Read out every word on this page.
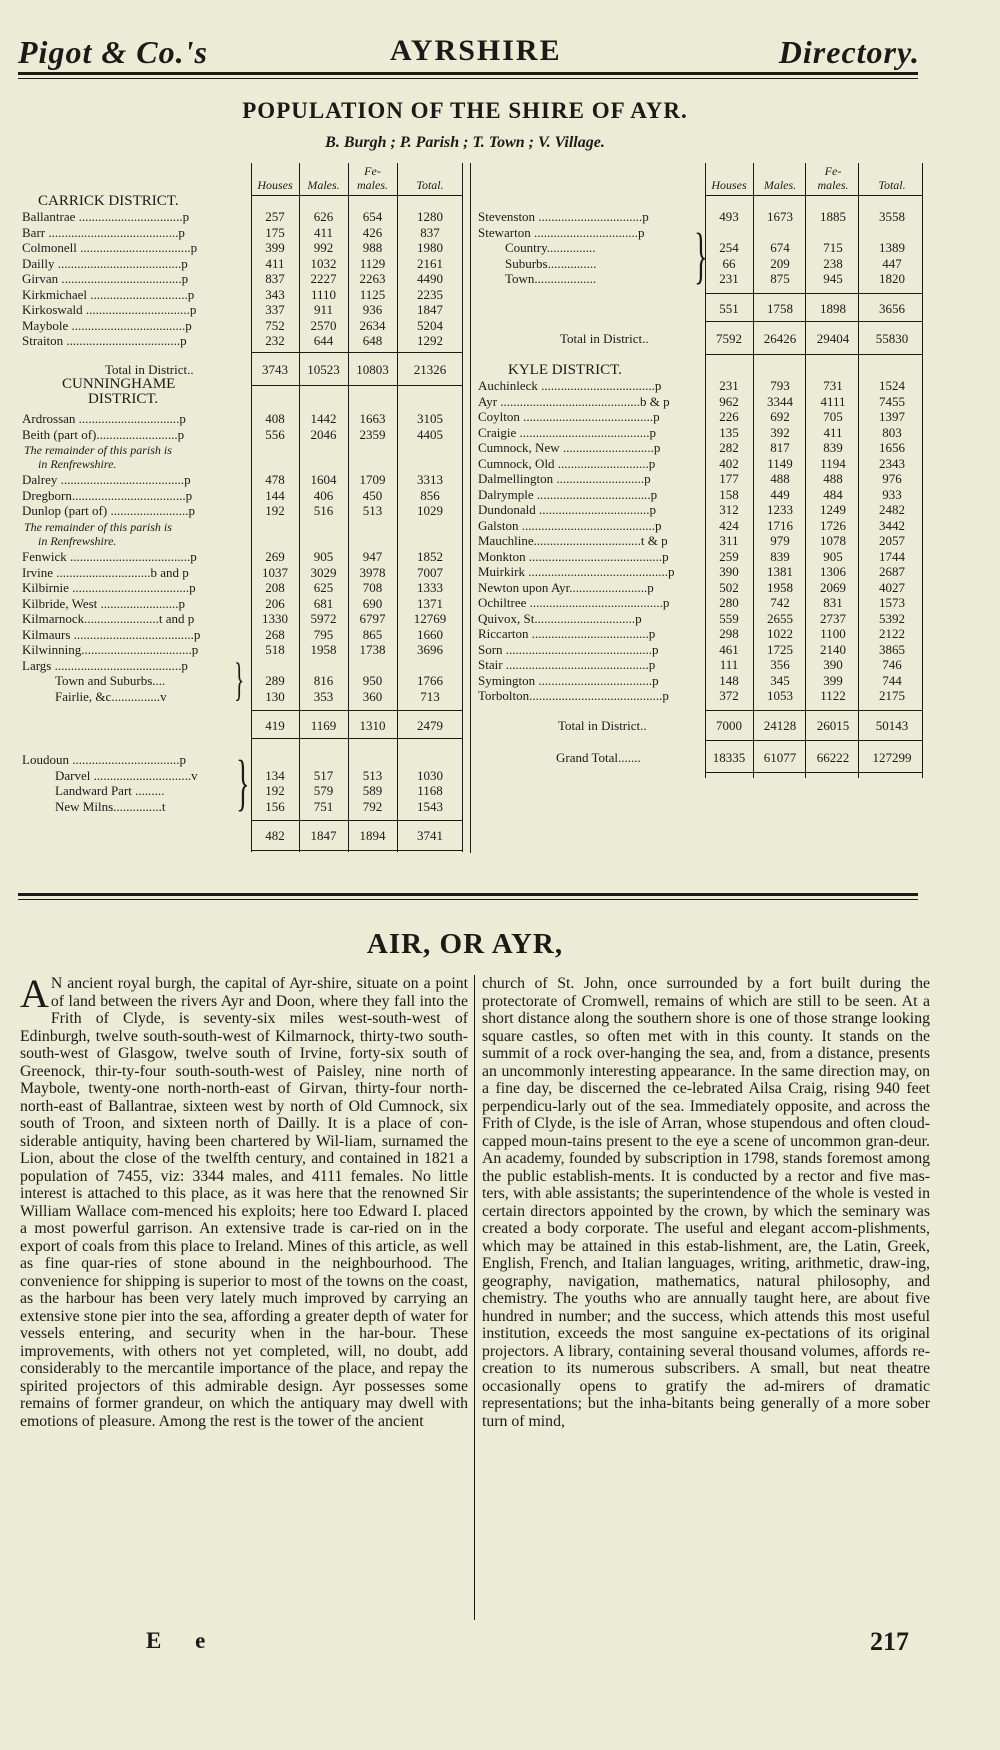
Pigot & Co.'s	AYRSHIRE	Directory.
POPULATION OF THE SHIRE OF AYR.
B. Burgh ; P. Parish ; T. Town ; V. Village.
Houses	Males.
Fe-
males.	Total.
CARRICK DISTRICT.
Ballantrae ................................p	257	626	654	1280
Barr ........................................p	175	411	426	837
Colmonell ..................................p	399	992	988	1980
Dailly ......................................p	411	1032	1129	2161
Girvan .....................................p	837	2227	2263	4490
Kirkmichael ..............................p	343	1110	1125	2235
Kirkoswald ................................p	337	911	936	1847
Maybole ...................................p	752	2570	2634	5204
Straiton ...................................p	232	644	648	1292
Total in District..	3743	10523	10803	21326
CUNNINGHAME
DISTRICT.
Ardrossan ...............................p	408	1442	1663	3105
Beith (part of).........................p	556	2046	2359	4405
The remainder of this parish is
in Renfrewshire.
Dalrey ......................................p	478	1604	1709	3313
Dregborn...................................p	144	406	450	856
Dunlop (part of) ........................p	192	516	513	1029
The remainder of this parish is
in Renfrewshire.
Fenwick .....................................p	269	905	947	1852
Irvine .............................b and p	1037	3029	3978	7007
Kilbirnie ....................................p	208	625	708	1333
Kilbride, West ........................p	206	681	690	1371
Kilmarnock.......................t and p	1330	5972	6797	12769
Kilmaurs .....................................p	268	795	865	1660
Kilwinning..................................p	518	1958	1738	3696
Largs .......................................p }
Town and Suburbs....	289	816	950	1766
Fairlie, &c...............v	130	353	360	713
419	1169	1310	2479
Loudoun .................................p }
Darvel ..............................v	134	517	513	1030
Landward Part .........	192	579	589	1168
New Milns...............t	156	751	792	1543
482	1847	1894	3741
Houses	Males.
Fe-
males.	Total.
Stevenston ................................p	493	1673	1885	3558
Stewarton ................................p }
Country...............	254	674	715	1389
Suburbs...............	66	209	238	447
Town...................	231	875	945	1820
551	1758	1898	3656
Total in District..	7592	26426	29404	55830
KYLE DISTRICT.
Auchinleck ...................................p	231	793	731	1524
Ayr ...........................................b & p	962	3344	4111	7455
Coylton ........................................p	226	692	705	1397
Craigie ........................................p	135	392	411	803
Cumnock, New ............................p	282	817	839	1656
Cumnock, Old ............................p	402	1149	1194	2343
Dalmellington ...........................p	177	488	488	976
Dalrymple ...................................p	158	449	484	933
Dundonald ..................................p	312	1233	1249	2482
Galston .........................................p	424	1716	1726	3442
Mauchline.................................t & p	311	979	1078	2057
Monkton .........................................p	259	839	905	1744
Muirkirk ...........................................p	390	1381	1306	2687
Newton upon Ayr........................p	502	1958	2069	4027
Ochiltree .........................................p	280	742	831	1573
Quivox, St...............................p	559	2655	2737	5392
Riccarton ....................................p	298	1022	1100	2122
Sorn .............................................p	461	1725	2140	3865
Stair ............................................p	111	356	390	746
Symington ...................................p	148	345	399	744
Torbolton.........................................p	372	1053	1122	2175
Total in District..	7000	24128	26015	50143
Grand Total.......	18335	61077	66222	127299
AIR, OR AYR,

A N ancient royal burgh, the capital of Ayr-shire, situate on a point of land between the rivers Ayr and Doon, where they fall into the Frith of Clyde, is seventy-six miles west-south-west of Edinburgh, twelve south-south-west of Kilmarnock, thirty-two south-south-west of Glasgow, twelve south of Irvine, forty-six south of Greenock, thir-ty-four south-south-west of Paisley, nine north of Maybole, twenty-one north-north-east of Girvan, thirty-four north-north-east of Ballantrae, sixteen west by north of Old Cumnock, six south of Troon, and sixteen north of Dailly. It is a place of con-siderable antiquity, having been chartered by Wil-liam, surnamed the Lion, about the close of the twelfth century, and contained in 1821 a population of 7455, viz: 3344 males, and 4111 females. No little interest is attached to this place, as it was here that the renowned Sir William Wallace com-menced his exploits; here too Edward I. placed a most powerful garrison. An extensive trade is car-ried on in the export of coals from this place to Ireland. Mines of this article, as well as fine quar-ries of stone abound in the neighbourhood. The convenience for shipping is superior to most of the towns on the coast, as the harbour has been very lately much improved by carrying an extensive stone pier into the sea, affording a greater depth of water for vessels entering, and security when in the har-bour. These improvements, with others not yet completed, will, no doubt, add considerably to the mercantile importance of the place, and repay the spirited projectors of this admirable design. Ayr possesses some remains of former grandeur, on which the antiquary may dwell with emotions of pleasure. Among the rest is the tower of the ancient

church of St. John, once surrounded by a fort built during the protectorate of Cromwell, remains of which are still to be seen. At a short distance along the southern shore is one of those strange looking square castles, so often met with in this county. It stands on the summit of a rock over-hanging the sea, and, from a distance, presents an uncommonly interesting appearance. In the same direction may, on a fine day, be discerned the ce-lebrated Ailsa Craig, rising 940 feet perpendicu-larly out of the sea. Immediately opposite, and across the Frith of Clyde, is the isle of Arran, whose stupendous and often cloud-capped moun-tains present to the eye a scene of uncommon gran-deur. An academy, founded by subscription in 1798, stands foremost among the public establish-ments. It is conducted by a rector and five mas-ters, with able assistants; the superintendence of the whole is vested in certain directors appointed by the crown, by which the seminary was created a body corporate. The useful and elegant accom-plishments, which may be attained in this estab-lishment, are, the Latin, Greek, English, French, and Italian languages, writing, arithmetic, draw-ing, geography, navigation, mathematics, natural philosophy, and chemistry. The youths who are annually taught here, are about five hundred in number; and the success, which attends this most useful institution, exceeds the most sanguine ex-pectations of its original projectors. A library, containing several thousand volumes, affords re-creation to its numerous subscribers. A small, but neat theatre occasionally opens to gratify the ad-mirers of dramatic representations; but the inha-bitants being generally of a more sober turn of mind,

E e	217
